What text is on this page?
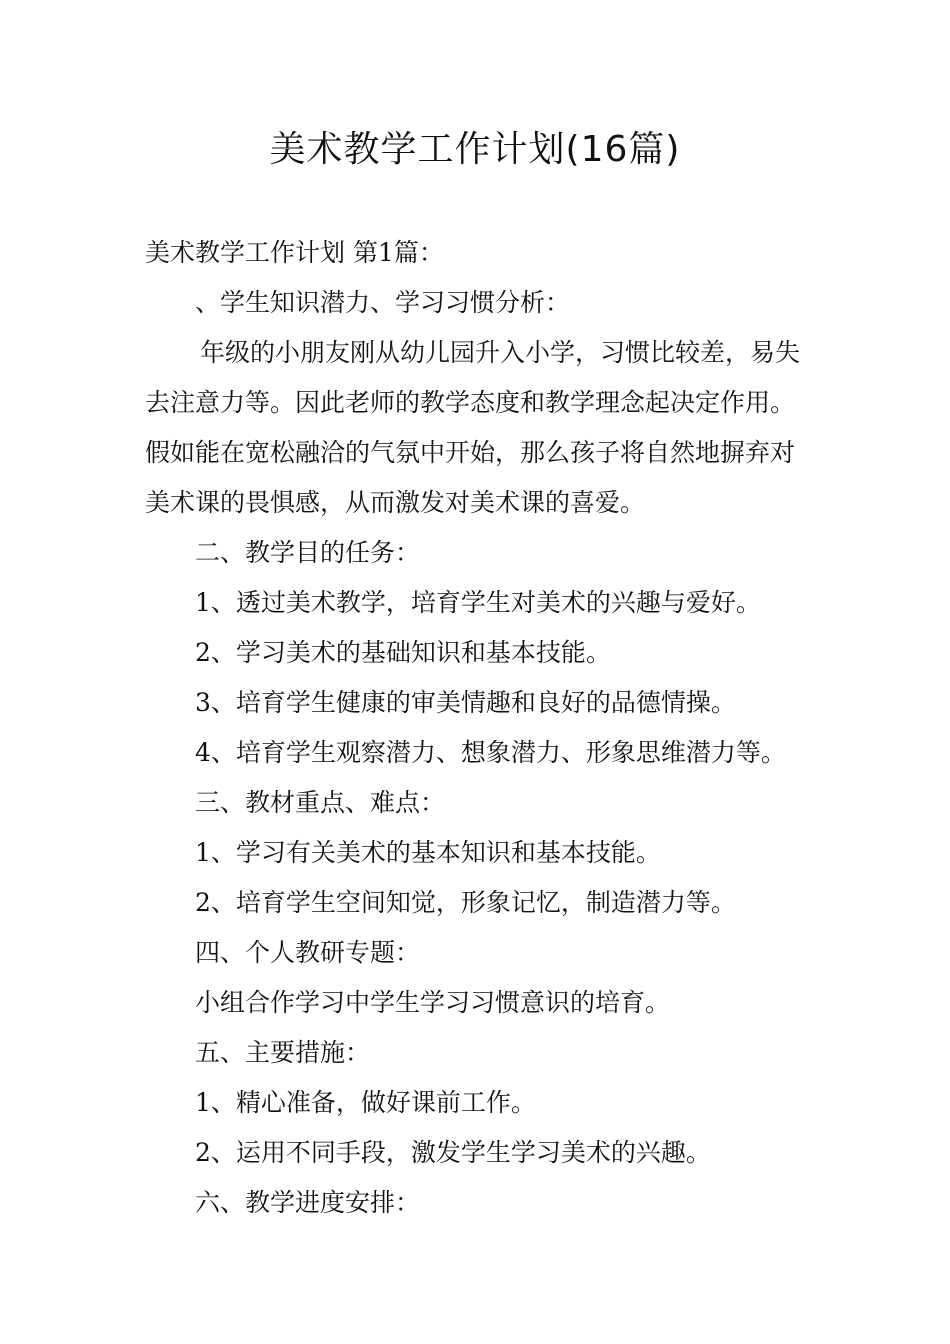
美术教学工作计划(16篇)

美术教学工作计划 第1篇：

、学生知识潜力、学习习惯分析：

年级的小朋友刚从幼儿园升入小学，习惯比较差，易失去注意力等。因此老师的教学态度和教学理念起决定作用。假如能在宽松融洽的气氛中开始，那么孩子将自然地摒弃对美术课的畏惧感，从而激发对美术课的喜爱。

二、教学目的任务：

1、透过美术教学，培育学生对美术的兴趣与爱好。

2、学习美术的基础知识和基本技能。

3、培育学生健康的审美情趣和良好的品德情操。

4、培育学生观察潜力、想象潜力、形象思维潜力等。

三、教材重点、难点：

1、学习有关美术的基本知识和基本技能。

2、培育学生空间知觉，形象记忆，制造潜力等。

四、个人教研专题：

小组合作学习中学生学习习惯意识的培育。

五、主要措施：

1、精心准备，做好课前工作。

2、运用不同手段，激发学生学习美术的兴趣。

六、教学进度安排：
